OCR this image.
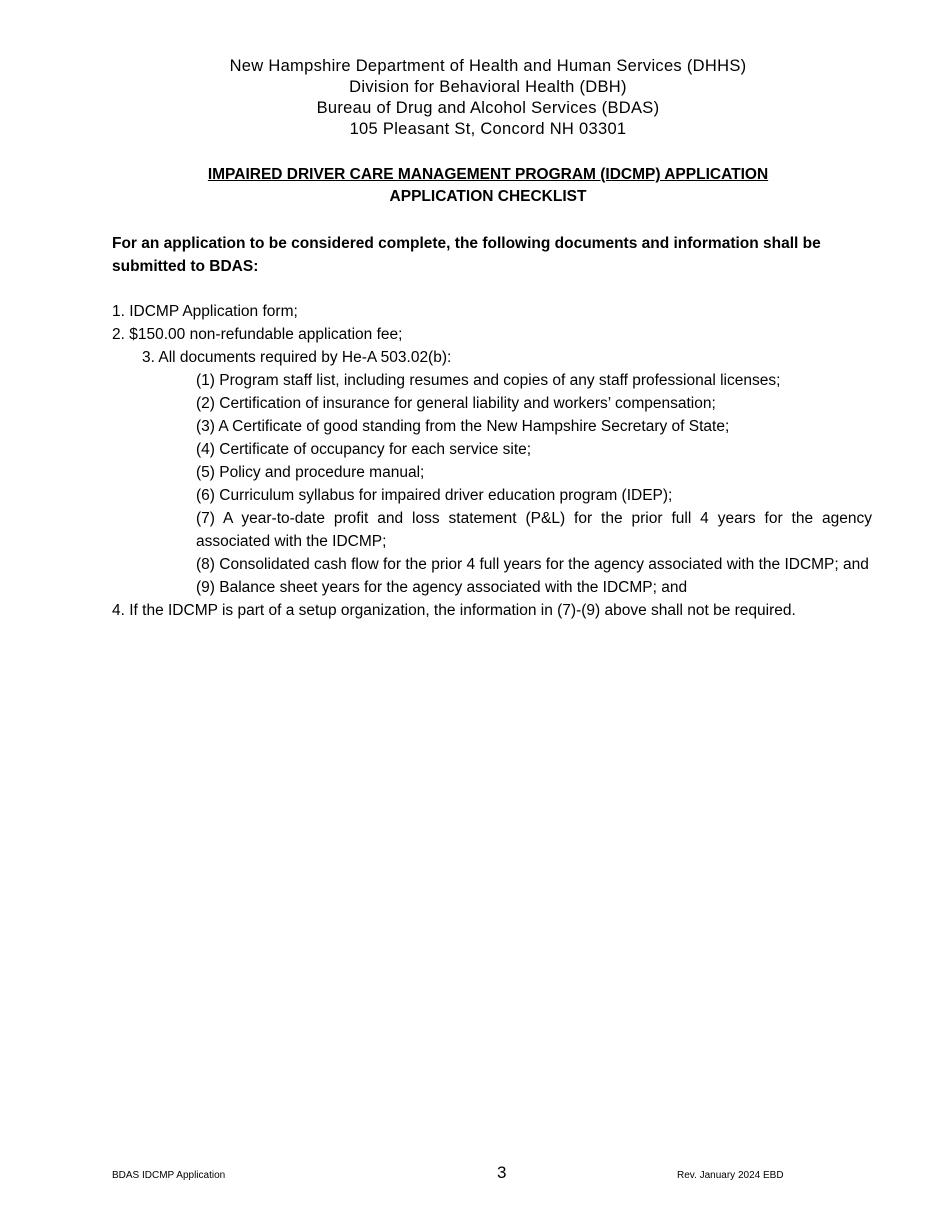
New Hampshire Department of Health and Human Services (DHHS)
Division for Behavioral Health (DBH)
Bureau of Drug and Alcohol Services (BDAS)
105 Pleasant St, Concord NH 03301
IMPAIRED DRIVER CARE MANAGEMENT PROGRAM (IDCMP) APPLICATION
APPLICATION CHECKLIST
For an application to be considered complete, the following documents and information shall be submitted to BDAS:
1. IDCMP Application form;
2. $150.00 non-refundable application fee;
3. All documents required by He-A 503.02(b):
(1) Program staff list, including resumes and copies of any staff professional licenses;
(2) Certification of insurance for general liability and workers’ compensation;
(3) A Certificate of good standing from the New Hampshire Secretary of State;
(4) Certificate of occupancy for each service site;
(5) Policy and procedure manual;
(6) Curriculum syllabus for impaired driver education program (IDEP);
(7) A year-to-date profit and loss statement (P&L) for the prior full 4 years for the agency associated with the IDCMP;
(8) Consolidated cash flow for the prior 4 full years for the agency associated with the IDCMP; and
(9) Balance sheet years for the agency associated with the IDCMP; and
4. If the IDCMP is part of a setup organization, the information in (7)-(9) above shall not be required.
BDAS IDCMP Application	3	Rev. January 2024 EBD
